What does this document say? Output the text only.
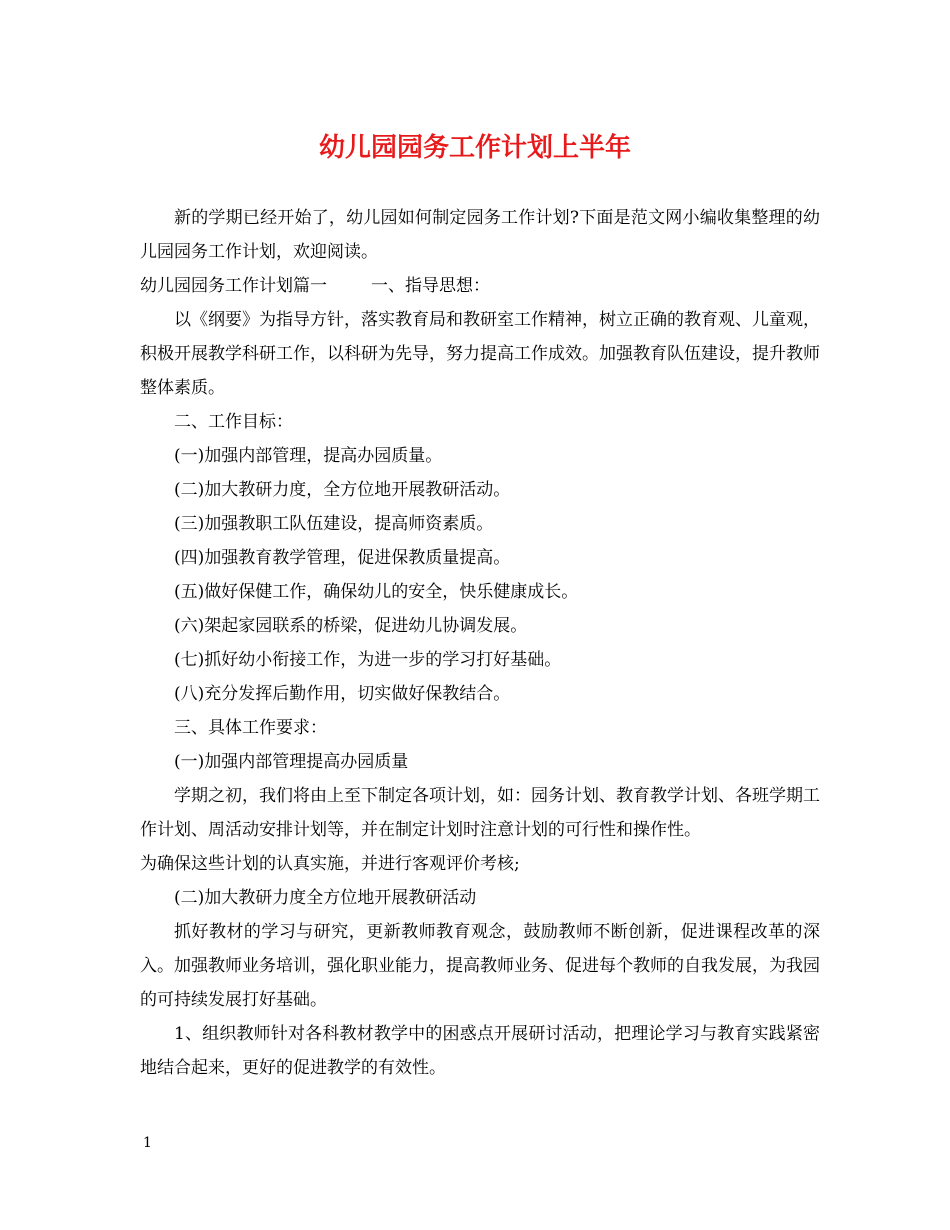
幼儿园园务工作计划上半年

新的学期已经开始了，幼儿园如何制定园务工作计划?下面是范文网小编收集整理的幼儿园园务工作计划，欢迎阅读。

幼儿园园务工作计划篇一	一、指导思想：

以《纲要》为指导方针，落实教育局和教研室工作精神，树立正确的教育观、儿童观，积极开展教学科研工作，以科研为先导，努力提高工作成效。加强教育队伍建设，提升教师整体素质。

二、工作目标：

(一)加强内部管理，提高办园质量。

(二)加大教研力度，全方位地开展教研活动。

(三)加强教职工队伍建设，提高师资素质。

(四)加强教育教学管理，促进保教质量提高。

(五)做好保健工作，确保幼儿的安全，快乐健康成长。

(六)架起家园联系的桥梁，促进幼儿协调发展。

(七)抓好幼小衔接工作，为进一步的学习打好基础。

(八)充分发挥后勤作用，切实做好保教结合。

三、具体工作要求：

(一)加强内部管理提高办园质量

学期之初，我们将由上至下制定各项计划，如：园务计划、教育教学计划、各班学期工作计划、周活动安排计划等，并在制定计划时注意计划的可行性和操作性。

为确保这些计划的认真实施，并进行客观评价考核;

(二)加大教研力度全方位地开展教研活动

抓好教材的学习与研究，更新教师教育观念，鼓励教师不断创新，促进课程改革的深入。加强教师业务培训，强化职业能力，提高教师业务、促进每个教师的自我发展，为我园的可持续发展打好基础。

1、组织教师针对各科教材教学中的困惑点开展研讨活动，把理论学习与教育实践紧密地结合起来，更好的促进教学的有效性。

1
